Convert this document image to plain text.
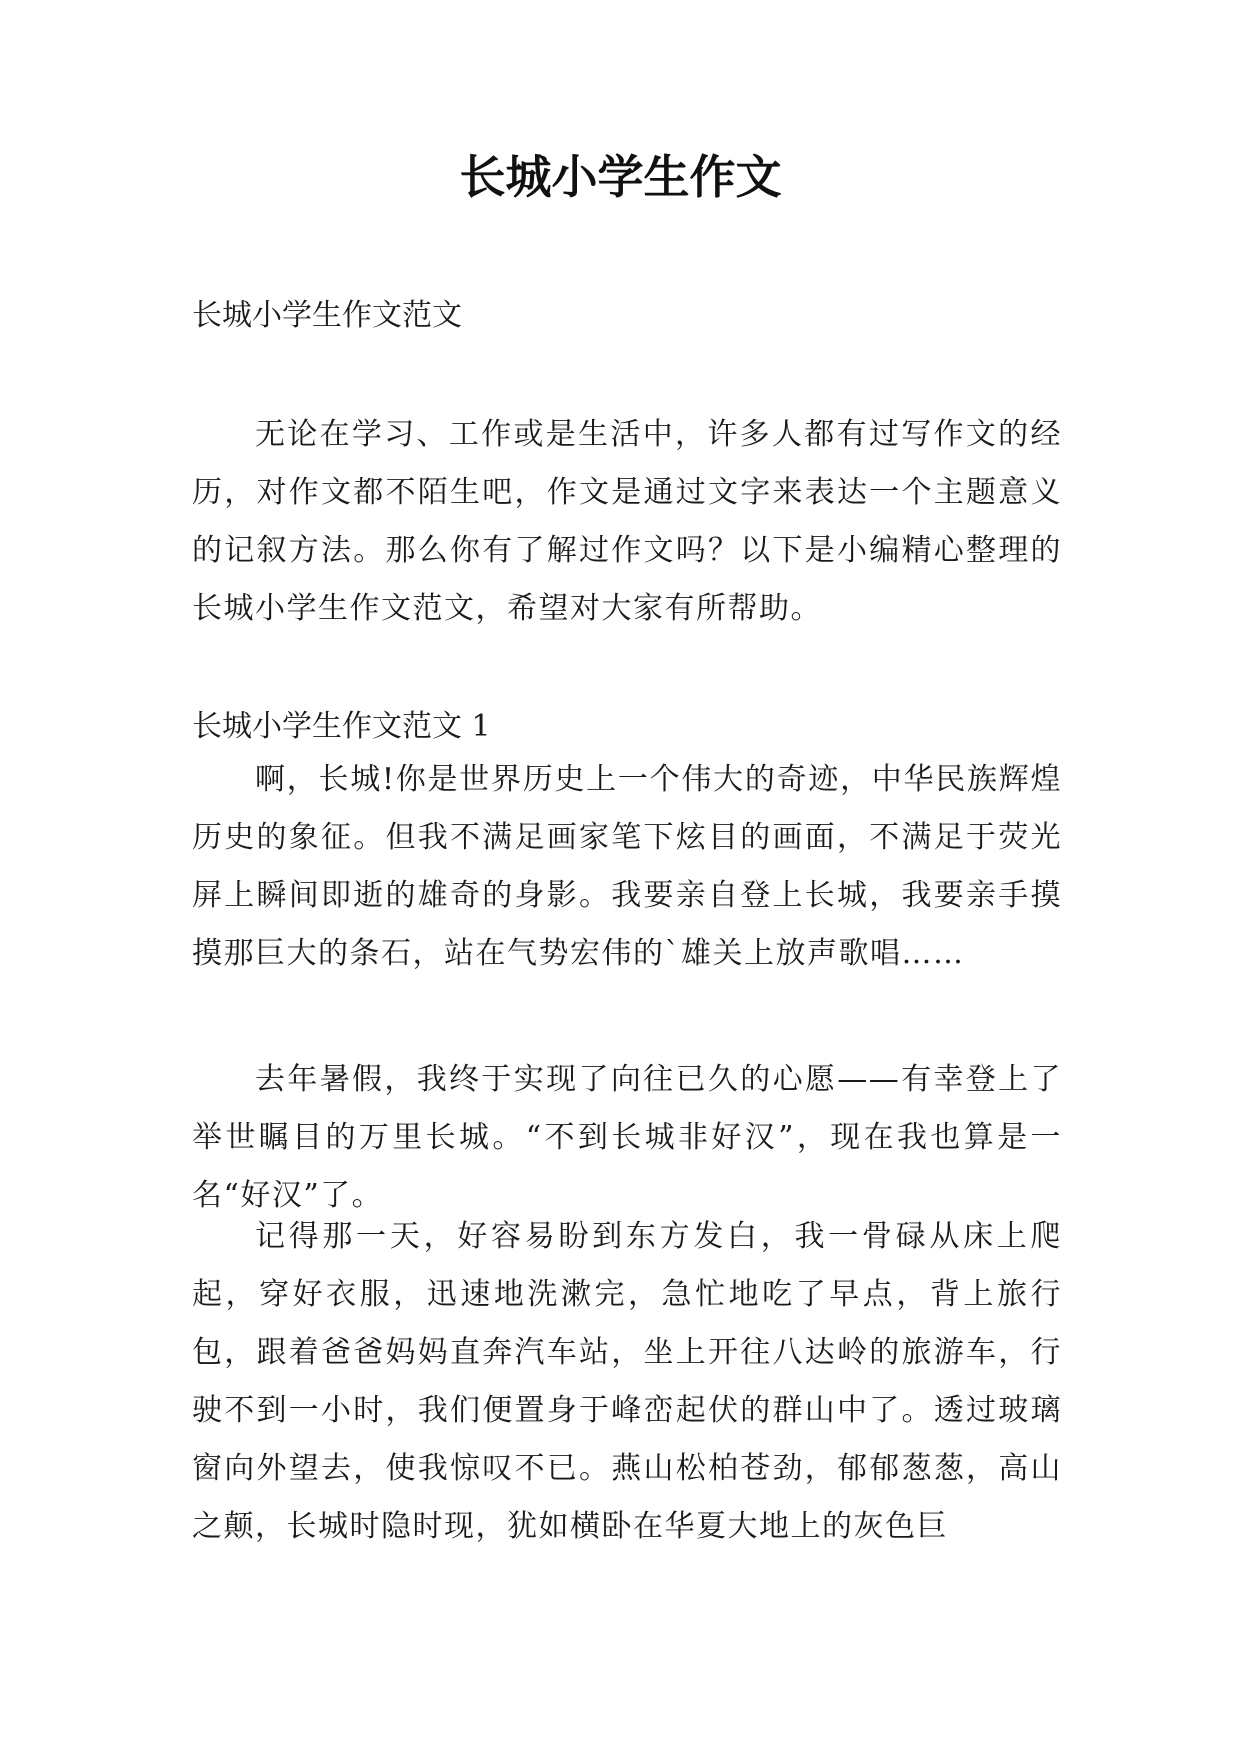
长城小学生作文

长城小学生作文范文

无论在学习、工作或是生活中，许多人都有过写作文的经历，对作文都不陌生吧，作文是通过文字来表达一个主题意义的记叙方法。那么你有了解过作文吗？以下是小编精心整理的长城小学生作文范文，希望对大家有所帮助。

长城小学生作文范文 1

啊，长城!你是世界历史上一个伟大的奇迹，中华民族辉煌历史的象征。但我不满足画家笔下炫目的画面，不满足于荧光屏上瞬间即逝的雄奇的身影。我要亲自登上长城，我要亲手摸摸那巨大的条石，站在气势宏伟的`雄关上放声歌唱……

去年暑假，我终于实现了向往已久的心愿——有幸登上了举世瞩目的万里长城。“不到长城非好汉”，现在我也算是一名“好汉”了。

记得那一天，好容易盼到东方发白，我一骨碌从床上爬起，穿好衣服，迅速地洗漱完，急忙地吃了早点，背上旅行包，跟着爸爸妈妈直奔汽车站，坐上开往八达岭的旅游车，行驶不到一小时，我们便置身于峰峦起伏的群山中了。透过玻璃窗向外望去，使我惊叹不已。燕山松柏苍劲，郁郁葱葱，高山之颠，长城时隐时现，犹如横卧在华夏大地上的灰色巨
